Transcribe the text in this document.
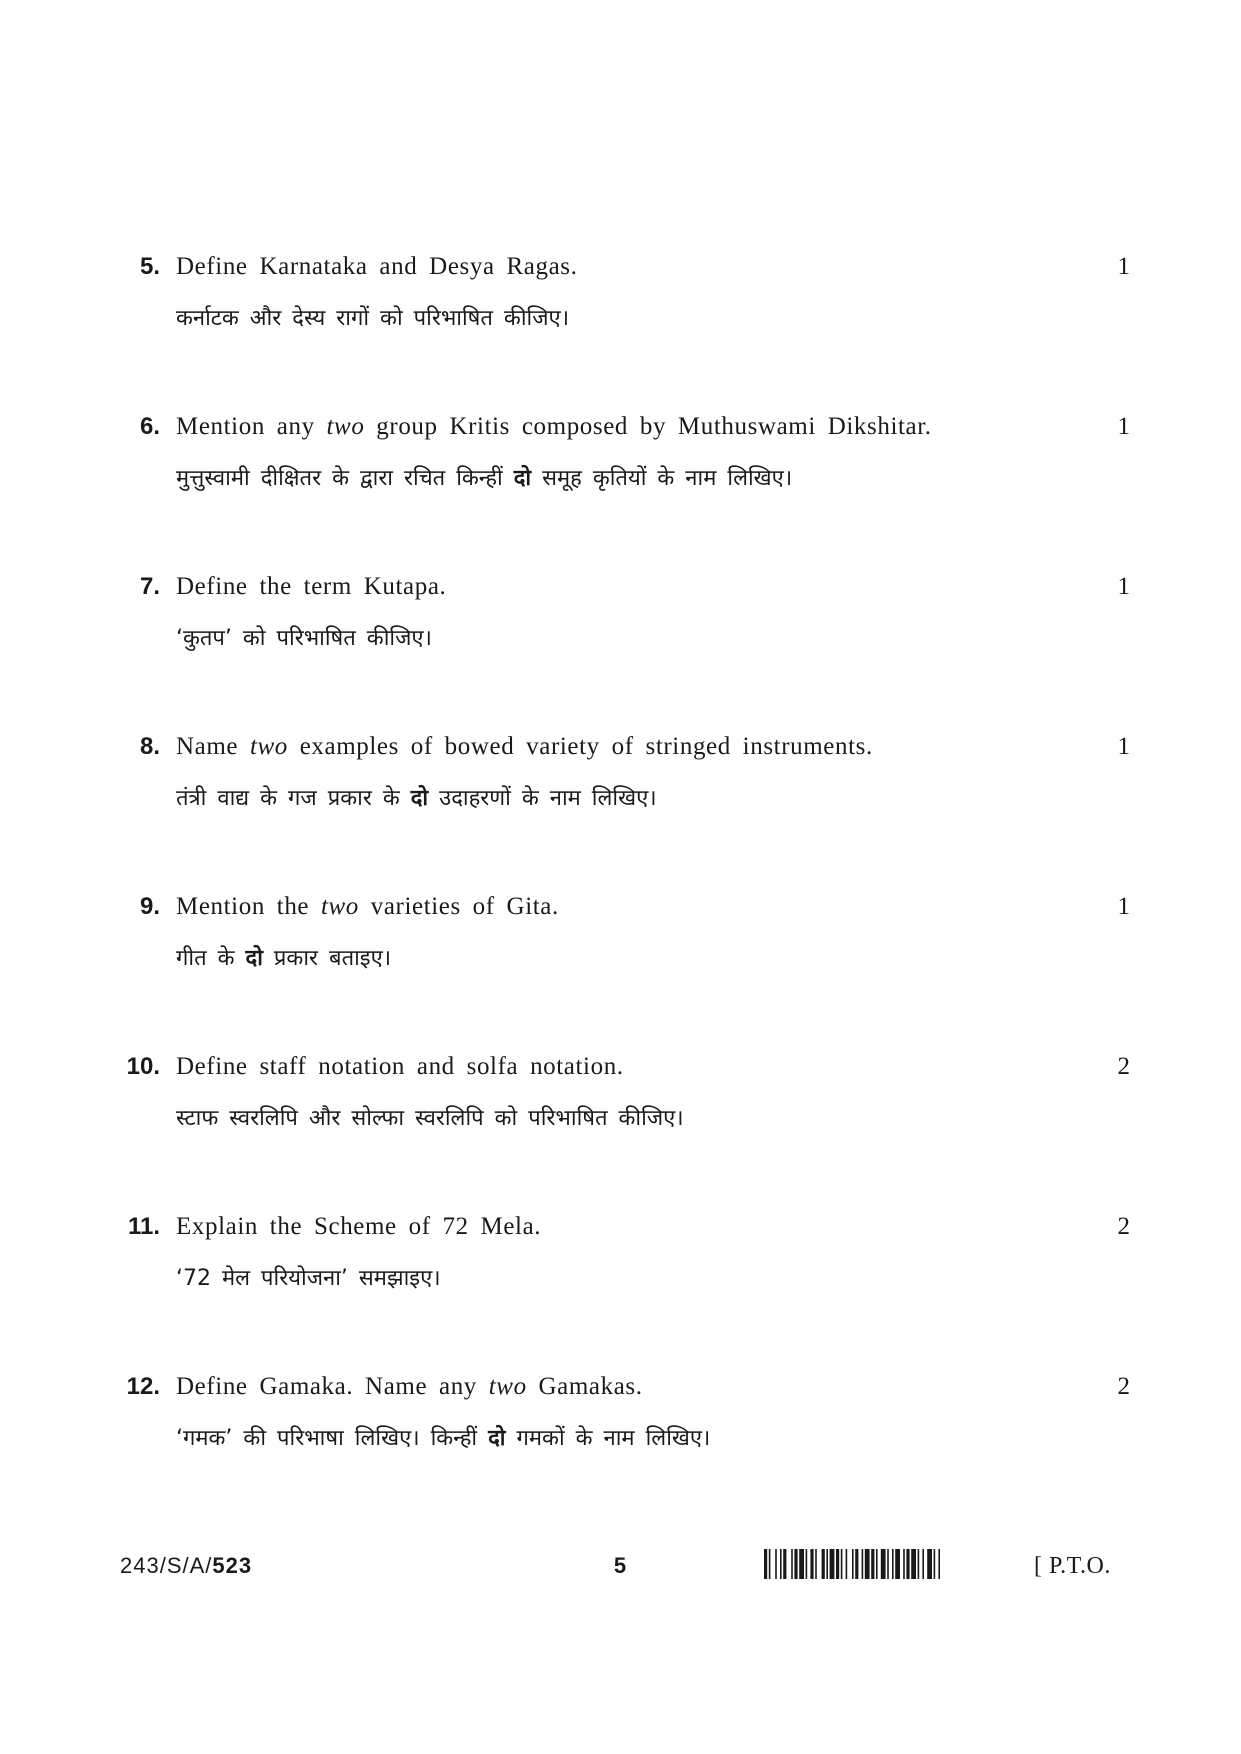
5. Define Karnataka and Desya Ragas.
कर्नाटक और देस्य रागों को परिभाषित कीजिए।
1
6. Mention any two group Kritis composed by Muthuswami Dikshitar.
मुत्तुस्वामी दीक्षितर के द्वारा रचित किन्हीं दो समूह कृतियों के नाम लिखिए।
1
7. Define the term Kutapa.
‘कुतप’ को परिभाषित कीजिए।
1
8. Name two examples of bowed variety of stringed instruments.
तंत्री वाद्य के गज प्रकार के दो उदाहरणों के नाम लिखिए।
1
9. Mention the two varieties of Gita.
गीत के दो प्रकार बताइए।
1
10. Define staff notation and solfa notation.
स्टाफ स्वरलिपि और सोल्फा स्वरलिपि को परिभाषित कीजिए।
2
11. Explain the Scheme of 72 Mela.
‘72 मेल परियोजना’ समझाइए।
2
12. Define Gamaka. Name any two Gamakas.
‘गमक’ की परिभाषा लिखिए। किन्हीं दो गमकों के नाम लिखिए।
2
243/S/A/523	5	[ P.T.O.
